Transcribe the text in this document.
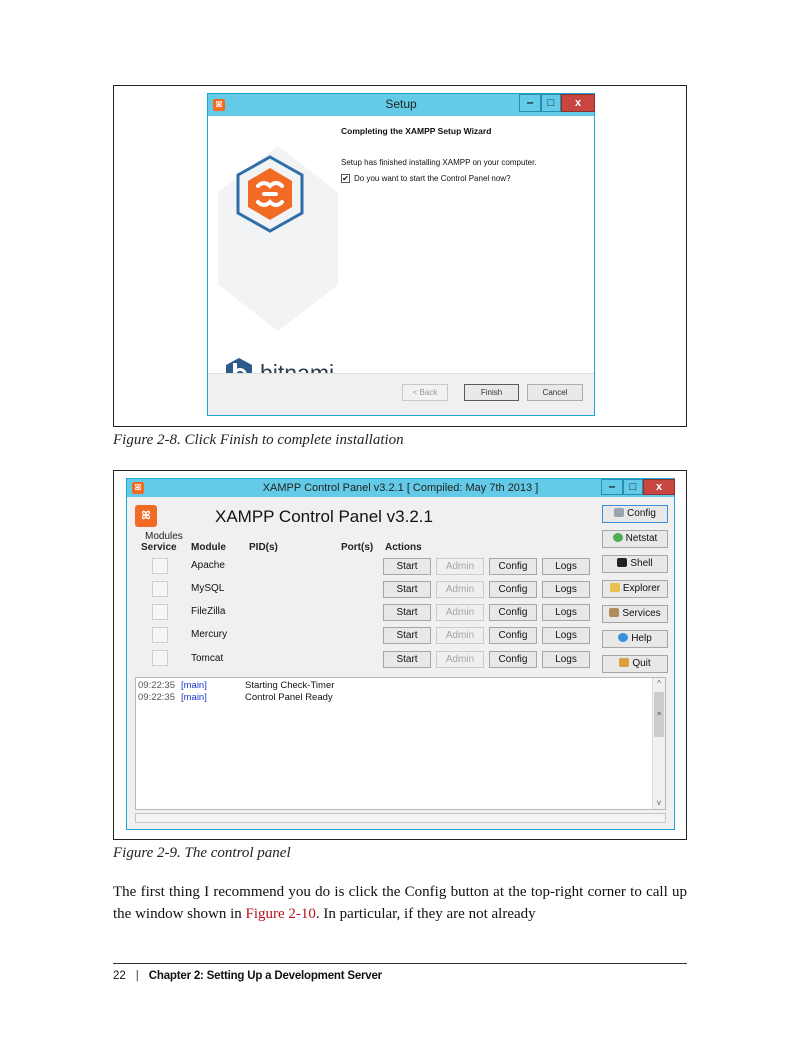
ꕤ	Setup	‒	□	x
Completing the XAMPP Setup Wizard
Setup has finished installing XAMPP on your computer.
✔ Do you want to start the Control Panel now?
< Back	Finish	Cancel
Figure 2-8. Click Finish to complete installation
ꕤ	XAMPP Control Panel v3.2.1 [ Compiled: May 7th 2013 ]	‒	□	x
ꕤ	XAMPP Control Panel v3.2.1
Modules
Service Module PID(s)	Port(s) Actions
Apache	Start	Admin	Config	Logs
MySQL	Start	Admin	Config	Logs
FileZilla	Start	Admin	Config	Logs
Mercury	Start	Admin	Config	Logs
Tomcat	Start	Admin	Config	Logs
Config
Netstat
Shell
Explorer
Services
Help
Quit
09:22:35 [main]	Starting Check-Timer
09:22:35 [main]	Control Panel Ready
^
≡
v
Figure 2-9. The control panel
The first thing I recommend you do is click the Config button at the top-right corner to call up the window shown in Figure 2-10. In particular, if they are not already
22 | Chapter 2: Setting Up a Development Server
